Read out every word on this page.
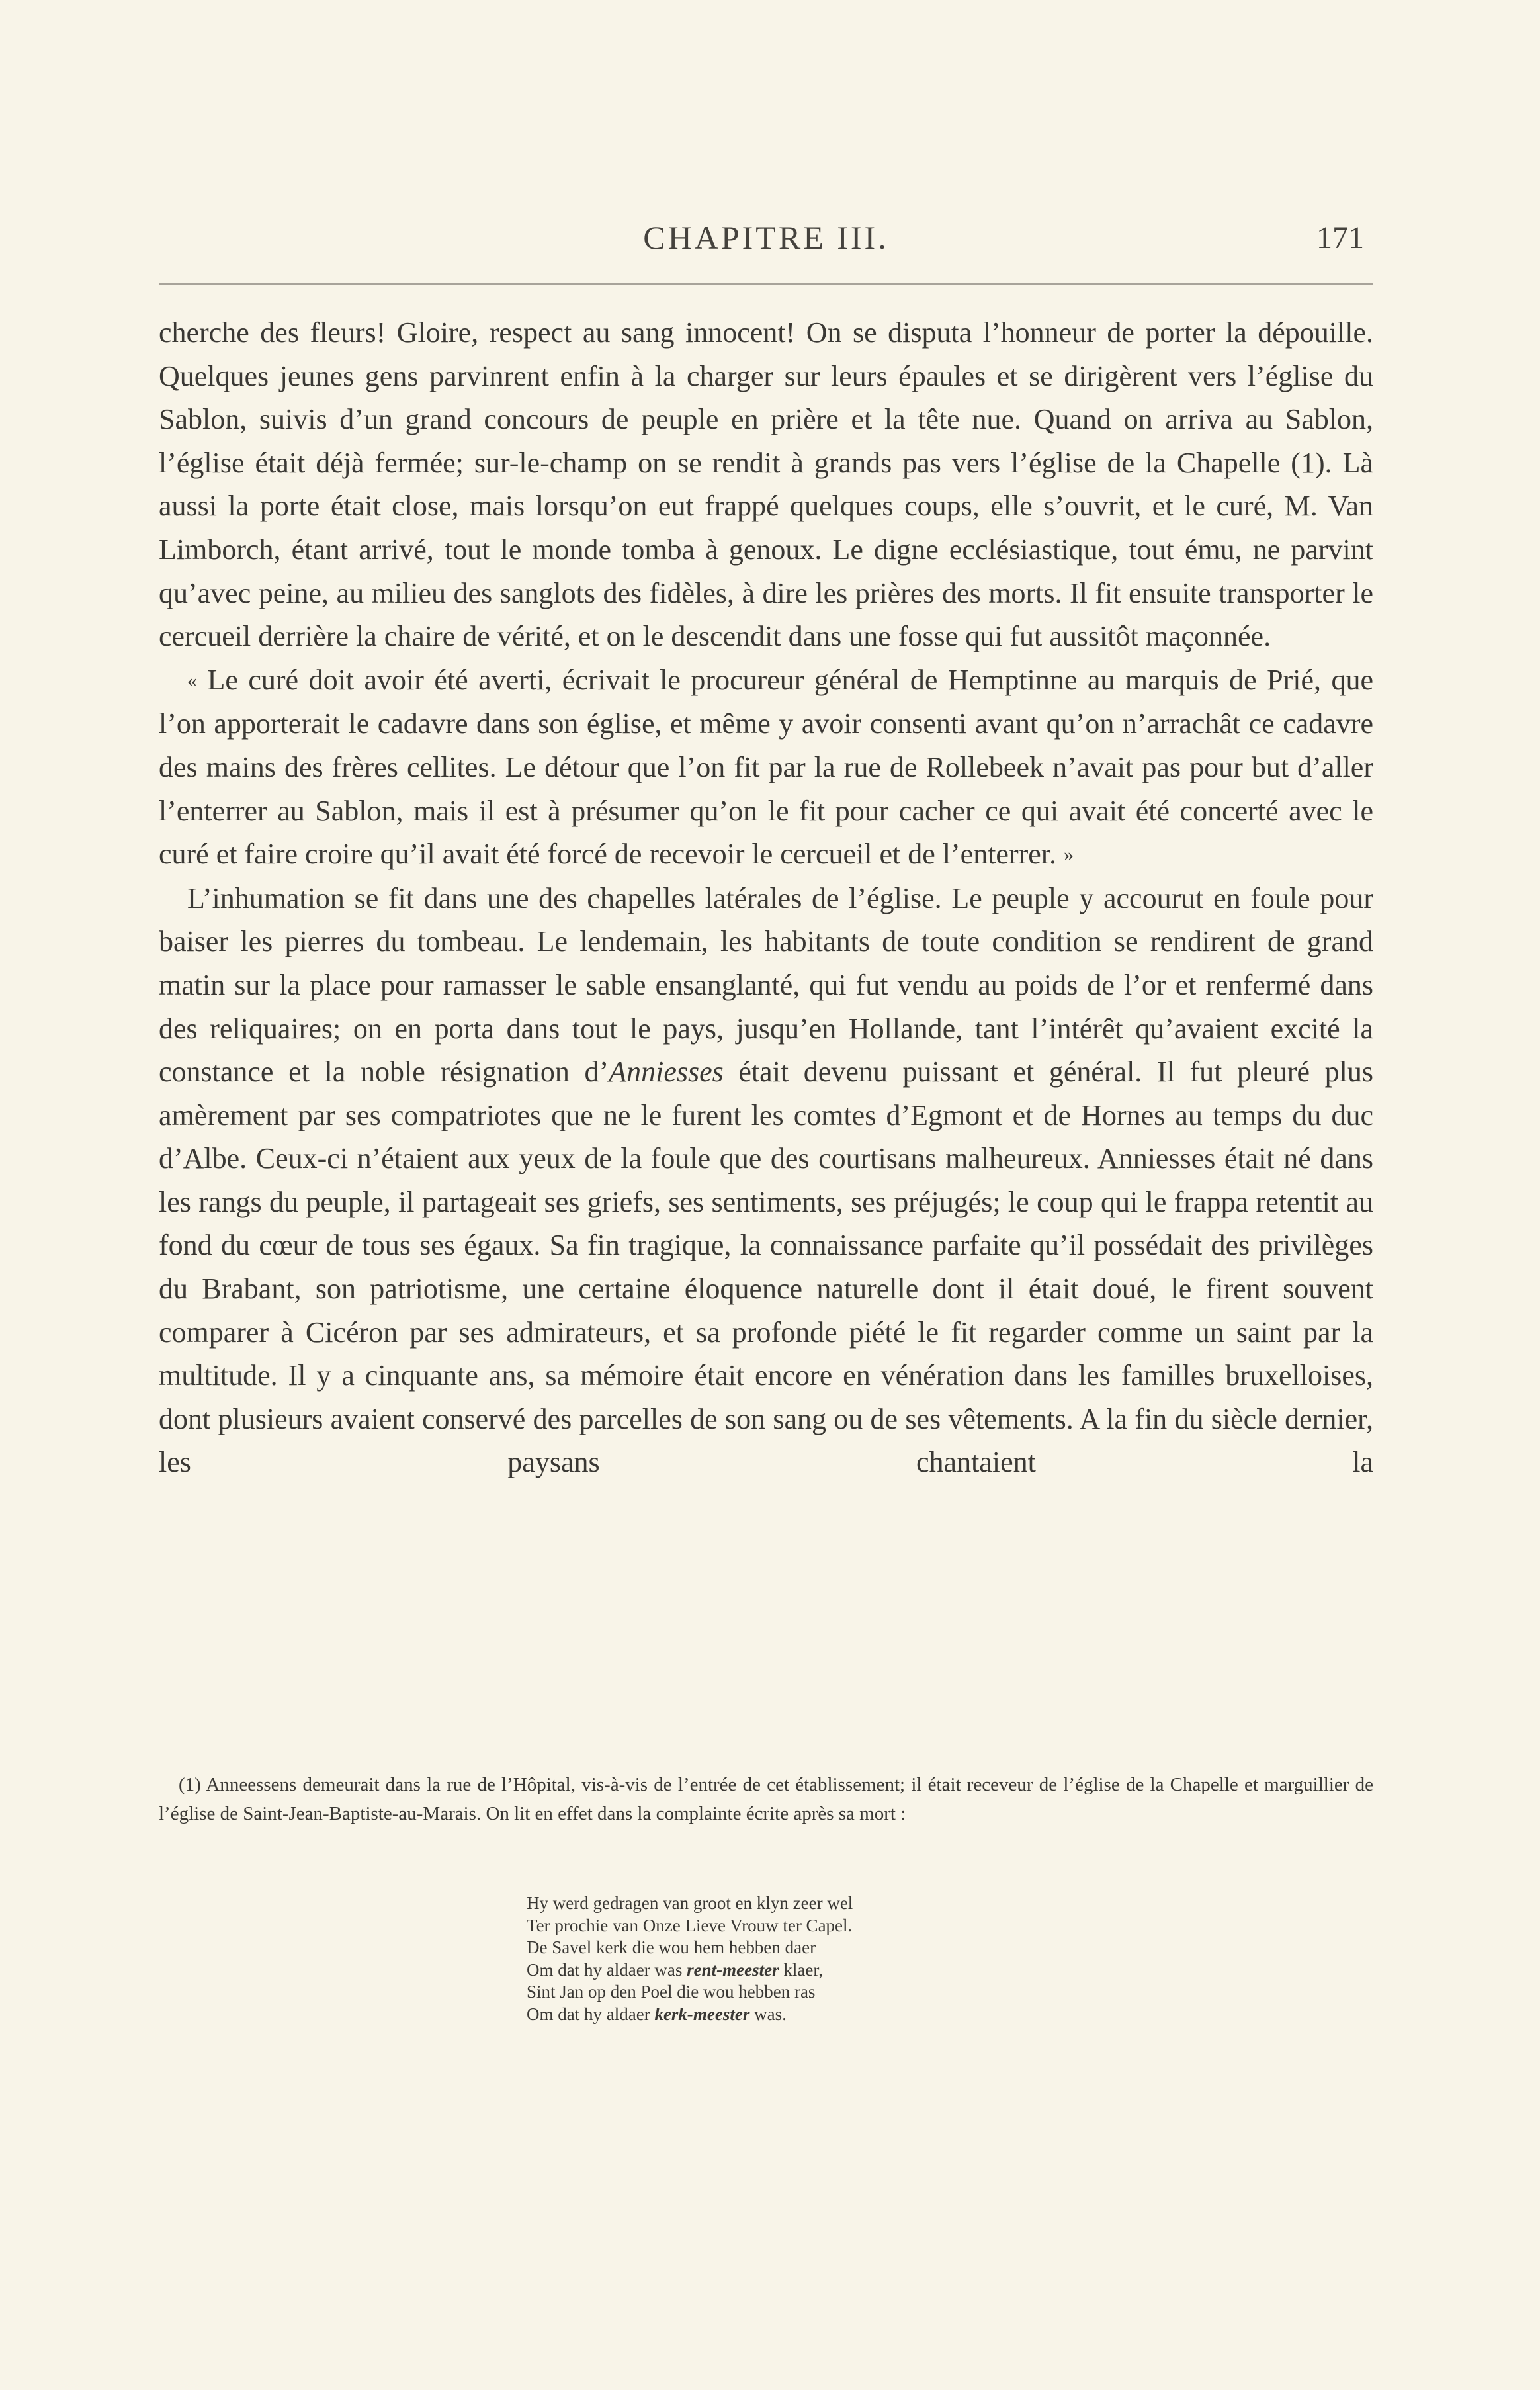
CHAPITRE III.	171

cherche des fleurs! Gloire, respect au sang innocent! On se disputa l’honneur de porter la dépouille. Quelques jeunes gens parvinrent enfin à la charger sur leurs épaules et se dirigèrent vers l’église du Sablon, suivis d’un grand concours de peuple en prière et la tête nue. Quand on arriva au Sablon, l’église était déjà fermée; sur-le-champ on se rendit à grands pas vers l’église de la Chapelle (1). Là aussi la porte était close, mais lorsqu’on eut frappé quelques coups, elle s’ouvrit, et le curé, M. Van Limborch, étant arrivé, tout le monde tomba à genoux. Le digne ecclésiastique, tout ému, ne parvint qu’avec peine, au milieu des sanglots des fidèles, à dire les prières des morts. Il fit ensuite transporter le cercueil derrière la chaire de vérité, et on le descendit dans une fosse qui fut aussitôt maçonnée.

« Le curé doit avoir été averti, écrivait le procureur général de Hemptinne au marquis de Prié, que l’on apporterait le cadavre dans son église, et même y avoir consenti avant qu’on n’arrachât ce cadavre des mains des frères cellites. Le détour que l’on fit par la rue de Rollebeek n’avait pas pour but d’aller l’enterrer au Sablon, mais il est à présumer qu’on le fit pour cacher ce qui avait été concerté avec le curé et faire croire qu’il avait été forcé de recevoir le cercueil et de l’enterrer. »

L’inhumation se fit dans une des chapelles latérales de l’église. Le peuple y accourut en foule pour baiser les pierres du tombeau. Le lendemain, les habitants de toute condition se rendirent de grand matin sur la place pour ramasser le sable ensanglanté, qui fut vendu au poids de l’or et renfermé dans des reliquaires; on en porta dans tout le pays, jusqu’en Hollande, tant l’intérêt qu’avaient excité la constance et la noble résignation d’Anniesses était devenu puissant et général. Il fut pleuré plus amèrement par ses compatriotes que ne le furent les comtes d’Egmont et de Hornes au temps du duc d’Albe. Ceux-ci n’étaient aux yeux de la foule que des courtisans malheureux. Anniesses était né dans les rangs du peuple, il partageait ses griefs, ses sentiments, ses préjugés; le coup qui le frappa retentit au fond du cœur de tous ses égaux. Sa fin tragique, la connaissance parfaite qu’il possédait des privilèges du Brabant, son patriotisme, une certaine éloquence naturelle dont il était doué, le firent souvent comparer à Cicéron par ses admirateurs, et sa profonde piété le fit regarder comme un saint par la multitude. Il y a cinquante ans, sa mémoire était encore en vénération dans les familles bruxelloises, dont plusieurs avaient conservé des parcelles de son sang ou de ses vêtements. A la fin du siècle dernier, les paysans chantaient la

(1) Anneessens demeurait dans la rue de l’Hôpital, vis-à-vis de l’entrée de cet établissement; il était receveur de l’église de la Chapelle et marguillier de l’église de Saint-Jean-Baptiste-au-Marais. On lit en effet dans la complainte écrite après sa mort :

Hy werd gedragen van groot en klyn zeer wel
Ter prochie van Onze Lieve Vrouw ter Capel.
De Savel kerk die wou hem hebben daer
Om dat hy aldaer was rent-meester klaer,
Sint Jan op den Poel die wou hebben ras
Om dat hy aldaer kerk-meester was.
